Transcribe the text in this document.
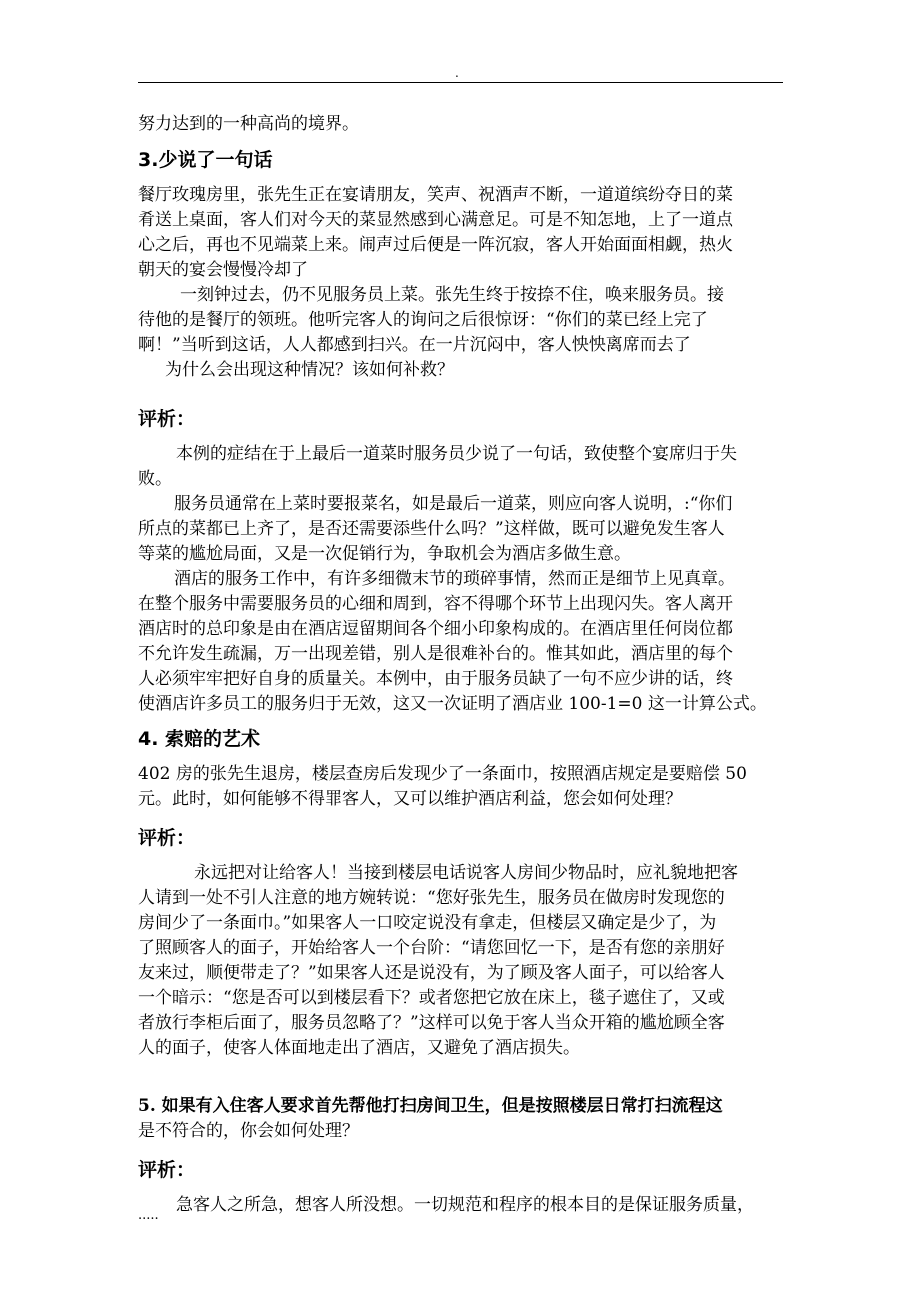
.
努力达到的一种高尚的境界。
3.少说了一句话
餐厅玫瑰房里，张先生正在宴请朋友，笑声、祝酒声不断，一道道缤纷夺日的菜
肴送上桌面，客人们对今天的菜显然感到心满意足。可是不知怎地，上了一道点
心之后，再也不见端菜上来。闹声过后便是一阵沉寂，客人开始面面相觑，热火
朝天的宴会慢慢冷却了
一刻钟过去，仍不见服务员上菜。张先生终于按捺不住，唤来服务员。接
待他的是餐厅的领班。他听完客人的询问之后很惊讶：“你们的菜已经上完了
啊！”当听到这话，人人都感到扫兴。在一片沉闷中，客人怏怏离席而去了
为什么会出现这种情况？该如何补救？
评析：
本例的症结在于上最后一道菜时服务员少说了一句话，致使整个宴席归于失
败。
服务员通常在上菜时要报菜名，如是最后一道菜，则应向客人说明，:“你们
所点的菜都已上齐了，是否还需要添些什么吗？”这样做，既可以避免发生客人
等菜的尴尬局面，又是一次促销行为，争取机会为酒店多做生意。
酒店的服务工作中，有许多细微末节的琐碎事情，然而正是细节上见真章。
在整个服务中需要服务员的心细和周到，容不得哪个环节上出现闪失。客人离开
酒店时的总印象是由在酒店逗留期间各个细小印象构成的。在酒店里任何岗位都
不允许发生疏漏，万一出现差错，别人是很难补台的。惟其如此，酒店里的每个
人必须牢牢把好自身的质量关。本例中，由于服务员缺了一句不应少讲的话，终
使酒店许多员工的服务归于无效，这又一次证明了酒店业 100-1=0 这一计算公式。
4. 索赔的艺术
402 房的张先生退房，楼层查房后发现少了一条面巾，按照酒店规定是要赔偿 50
元。此时，如何能够不得罪客人，又可以维护酒店利益，您会如何处理？
评析：
永远把对让给客人！当接到楼层电话说客人房间少物品时，应礼貌地把客
人请到一处不引人注意的地方婉转说：“您好张先生，服务员在做房时发现您的
房间少了一条面巾。”如果客人一口咬定说没有拿走，但楼层又确定是少了，为
了照顾客人的面子，开始给客人一个台阶：“请您回忆一下，是否有您的亲朋好
友来过，顺便带走了？”如果客人还是说没有，为了顾及客人面子，可以给客人
一个暗示：“您是否可以到楼层看下？或者您把它放在床上，毯子遮住了，又或
者放行李柜后面了，服务员忽略了？”这样可以免于客人当众开箱的尴尬顾全客
人的面子，使客人体面地走出了酒店，又避免了酒店损失。
5. 如果有入住客人要求首先帮他打扫房间卫生，但是按照楼层日常打扫流程这
是不符合的，你会如何处理？
评析：
急客人之所急，想客人所没想。一切规范和程序的根本目的是保证服务质量，
.....
